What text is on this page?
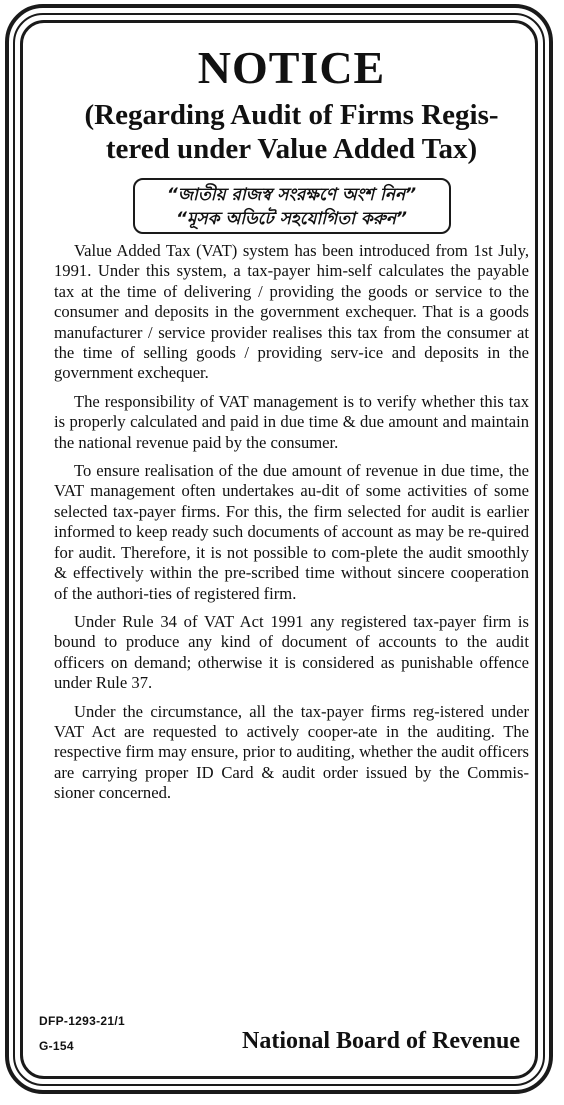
NOTICE
(Regarding Audit of Firms Regis-
tered under Value Added Tax)
“জাতীয় রাজস্ব সংরক্ষণে অংশ নিন”
“মূসক অডিটে সহযোগিতা করুন”

Value Added Tax (VAT) system has been introduced from 1st July, 1991. Under this system, a tax-payer him-self calculates the payable tax at the time of delivering / providing the goods or service to the consumer and deposits in the government exchequer. That is a goods manufacturer / service provider realises this tax from the consumer at the time of selling goods / providing serv-ice and deposits in the government exchequer.

The responsibility of VAT management is to verify whether this tax is properly calculated and paid in due time & due amount and maintain the national revenue paid by the consumer.

To ensure realisation of the due amount of revenue in due time, the VAT management often undertakes au-dit of some activities of some selected tax-payer firms. For this, the firm selected for audit is earlier informed to keep ready such documents of account as may be re-quired for audit. Therefore, it is not possible to com-plete the audit smoothly & effectively within the pre-scribed time without sincere cooperation of the authori-ties of registered firm.

Under Rule 34 of VAT Act 1991 any registered tax-payer firm is bound to produce any kind of document of accounts to the audit officers on demand; otherwise it is considered as punishable offence under Rule 37.

Under the circumstance, all the tax-payer firms reg-istered under VAT Act are requested to actively cooper-ate in the auditing. The respective firm may ensure, prior to auditing, whether the audit officers are carrying proper ID Card & audit order issued by the Commis-sioner concerned.

DFP-1293-21/1
G-154	National Board of Revenue
